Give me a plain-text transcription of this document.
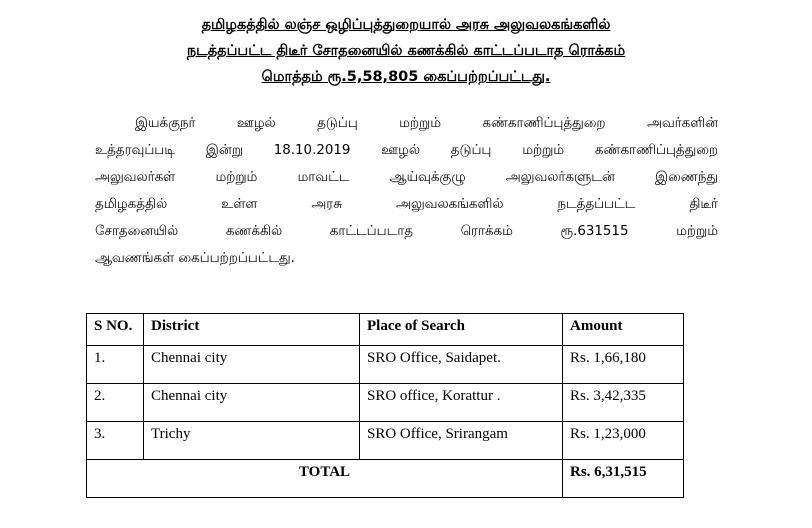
தமிழகத்தில் லஞ்ச ஒழிப்புத்துறையால் அரசு அலுவலகங்களில்
நடத்தப்பட்ட திடீர் சோதனையில் கணக்கில் காட்டப்படாத ரொக்கம்
மொத்தம் ரூ.5,58,805 கைப்பற்றப்பட்டது.
இயக்குநர் ஊழல் தடுப்பு மற்றும் கண்காணிப்புத்துறை அவர்களின்
உத்தரவுப்படி இன்று 18.10.2019 ஊழல் தடுப்பு மற்றும் கண்காணிப்புத்துறை
அலுவலர்கள் மற்றும் மாவட்ட ஆய்வுக்குழு அலுவலர்களுடன் இணைந்து
தமிழகத்தில் உள்ள அரசு அலுவலகங்களில் நடத்தப்பட்ட திடீர்
சோதனையில் கணக்கில் காட்டப்படாத ரொக்கம் ரூ.631515 மற்றும்
ஆவணங்கள் கைப்பற்றப்பட்டது.
S NO.	District	Place of Search	Amount
1.	Chennai city	SRO Office, Saidapet.	Rs. 1,66,180
2.	Chennai city	SRO office, Korattur .	Rs. 3,42,335
3.	Trichy	SRO Office, Srirangam	Rs. 1,23,000
TOTAL			Rs. 6,31,515
